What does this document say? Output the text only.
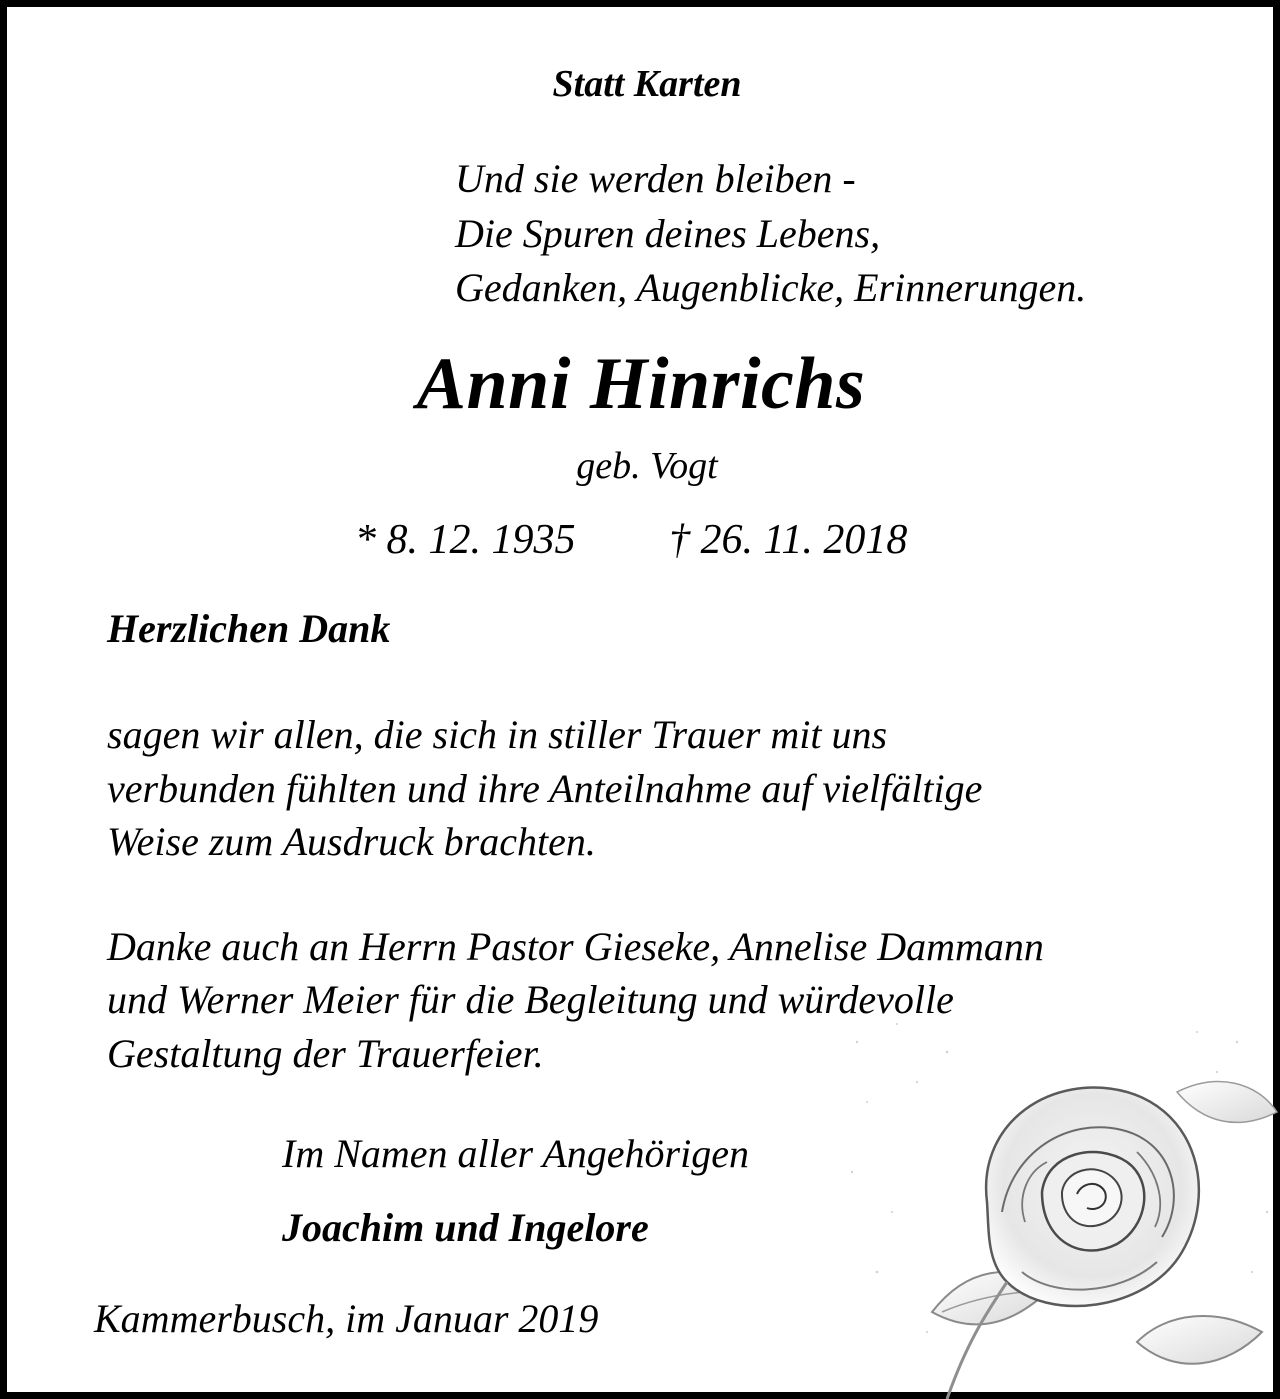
Statt Karten
Und sie werden bleiben -
Die Spuren deines Lebens,
Gedanken, Augenblicke, Erinnerungen.
Anni Hinrichs
geb. Vogt
* 8. 12. 1935 † 26. 11. 2018
Herzlichen Dank
sagen wir allen, die sich in stiller Trauer mit uns
verbunden fühlten und ihre Anteilnahme auf vielfältige
Weise zum Ausdruck brachten.
Danke auch an Herrn Pastor Gieseke, Annelise Dammann
und Werner Meier für die Begleitung und würdevolle
Gestaltung der Trauerfeier.
Im Namen aller Angehörigen
Joachim und Ingelore
Kammerbusch, im Januar 2019
